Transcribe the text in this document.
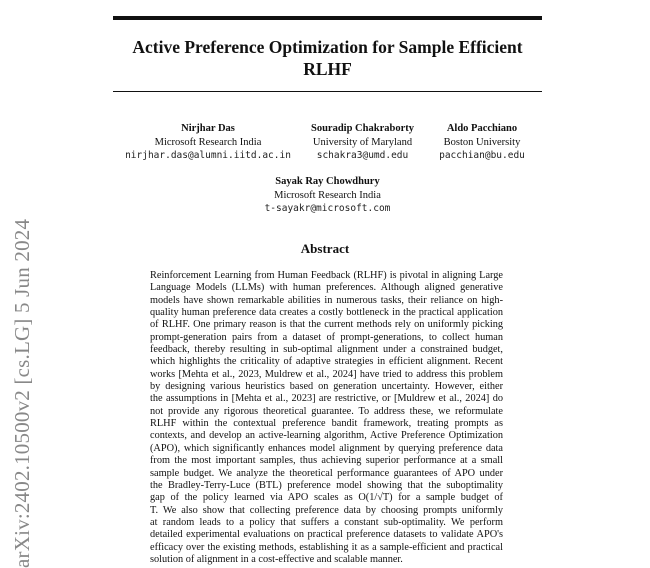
Active Preference Optimization for Sample Efficient
RLHF
Nirjhar Das
Microsoft Research India
nirjhar.das@alumni.iitd.ac.in
Souradip Chakraborty
University of Maryland
schakra3@umd.edu
Aldo Pacchiano
Boston University
pacchian@bu.edu
Sayak Ray Chowdhury
Microsoft Research India
t-sayakr@microsoft.com
Abstract
Reinforcement Learning from Human Feedback (RLHF) is pivotal in aligning Large
Language Models (LLMs) with human preferences. Although aligned generative
models have shown remarkable abilities in numerous tasks, their reliance on high-
quality human preference data creates a costly bottleneck in the practical application
of RLHF. One primary reason is that the current methods rely on uniformly picking
prompt-generation pairs from a dataset of prompt-generations, to collect human
feedback, thereby resulting in sub-optimal alignment under a constrained budget,
which highlights the criticality of adaptive strategies in efficient alignment. Recent
works [Mehta et al., 2023, Muldrew et al., 2024] have tried to address this problem
by designing various heuristics based on generation uncertainty. However, either
the assumptions in [Mehta et al., 2023] are restrictive, or [Muldrew et al., 2024] do
not provide any rigorous theoretical guarantee. To address these, we reformulate
RLHF within the contextual preference bandit framework, treating prompts as
contexts, and develop an active-learning algorithm, Active Preference Optimization
(APO), which significantly enhances model alignment by querying preference data
from the most important samples, thus achieving superior performance at a small
sample budget. We analyze the theoretical performance guarantees of APO under
the Bradley-Terry-Luce (BTL) preference model showing that the suboptimality
gap of the policy learned via APO scales as O(1/√T) for a sample budget of
T. We also show that collecting preference data by choosing prompts uniformly
at random leads to a policy that suffers a constant sub-optimality. We perform
detailed experimental evaluations on practical preference datasets to validate APO's
efficacy over the existing methods, establishing it as a sample-efficient and practical
solution of alignment in a cost-effective and scalable manner.
arXiv:2402.10500v2 [cs.LG] 5 Jun 2024
